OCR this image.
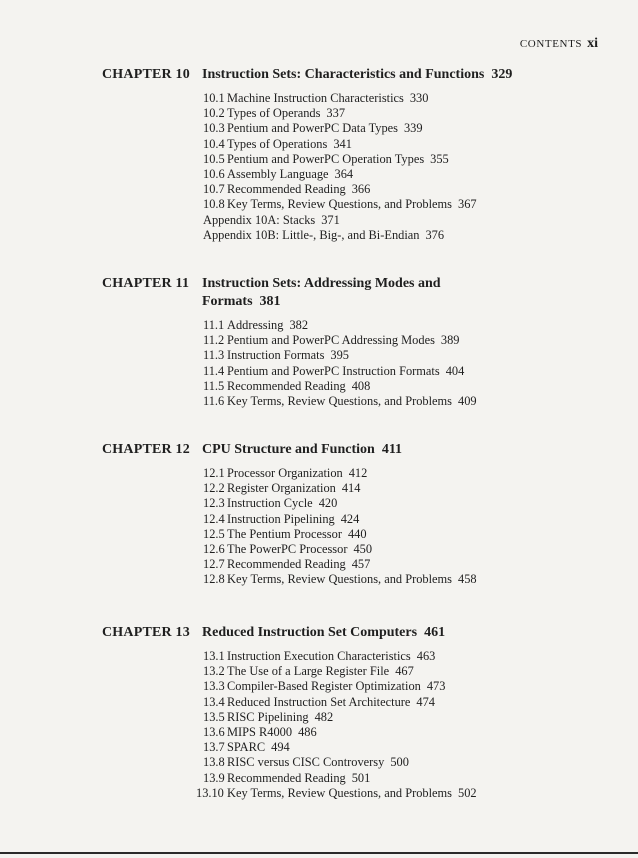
CONTENTS xi
CHAPTER 10 Instruction Sets: Characteristics and Functions 329
10.1 Machine Instruction Characteristics 330
10.2 Types of Operands 337
10.3 Pentium and PowerPC Data Types 339
10.4 Types of Operations 341
10.5 Pentium and PowerPC Operation Types 355
10.6 Assembly Language 364
10.7 Recommended Reading 366
10.8 Key Terms, Review Questions, and Problems 367
Appendix 10A: Stacks 371
Appendix 10B: Little-, Big-, and Bi-Endian 376
CHAPTER 11 Instruction Sets: Addressing Modes and Formats 381
11.1 Addressing 382
11.2 Pentium and PowerPC Addressing Modes 389
11.3 Instruction Formats 395
11.4 Pentium and PowerPC Instruction Formats 404
11.5 Recommended Reading 408
11.6 Key Terms, Review Questions, and Problems 409
CHAPTER 12 CPU Structure and Function 411
12.1 Processor Organization 412
12.2 Register Organization 414
12.3 Instruction Cycle 420
12.4 Instruction Pipelining 424
12.5 The Pentium Processor 440
12.6 The PowerPC Processor 450
12.7 Recommended Reading 457
12.8 Key Terms, Review Questions, and Problems 458
CHAPTER 13 Reduced Instruction Set Computers 461
13.1 Instruction Execution Characteristics 463
13.2 The Use of a Large Register File 467
13.3 Compiler-Based Register Optimization 473
13.4 Reduced Instruction Set Architecture 474
13.5 RISC Pipelining 482
13.6 MIPS R4000 486
13.7 SPARC 494
13.8 RISC versus CISC Controversy 500
13.9 Recommended Reading 501
13.10 Key Terms, Review Questions, and Problems 502
